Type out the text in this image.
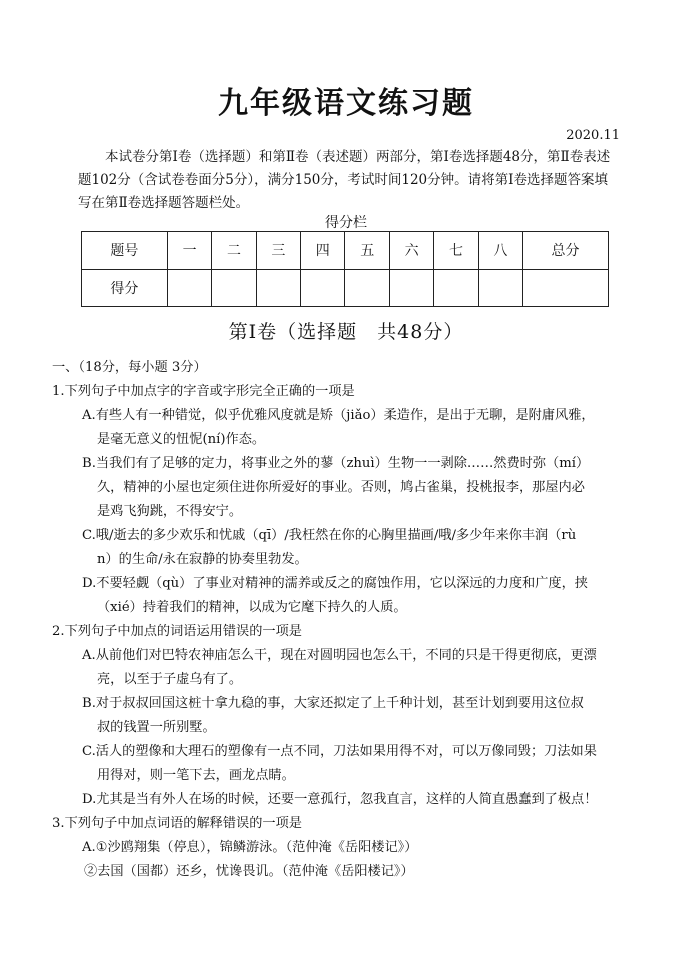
九年级语文练习题
2020.11

本试卷分第Ⅰ卷（选择题）和第Ⅱ卷（表述题）两部分，第Ⅰ卷选择题48分，第Ⅱ卷表述题102分（含试卷卷面分5分），满分150分，考试时间120分钟。请将第Ⅰ卷选择题答案填写在第Ⅱ卷选择题答题栏处。

得分栏
题号	一	二	三	四	五	六	七	八	总分
得分									
第Ⅰ卷（选择题　共48分）

一、（18分，每小题 3分）

1.下列句子中加点字的字音或字形完全正确的一项是

A.有些人有一种错觉，似乎优雅风度就是矫（jiǎo）柔造作，是出于无聊，是附庸风雅，
是毫无意义的忸怩(ní)作态。

B.当我们有了足够的定力，将事业之外的蓼（zhuì）生物一一剥除……然费时弥（mí）
久，精神的小屋也定须住进你所爱好的事业。否则，鸠占雀巢，投桃报李，那屋内必
是鸡飞狗跳，不得安宁。

C.哦/逝去的多少欢乐和忧戚（qī）/我枉然在你的心胸里描画/哦/多少年来你丰润（rù
n）的生命/永在寂静的协奏里勃发。

D.不要轻觑（qù）了事业对精神的濡养或反之的腐蚀作用，它以深远的力度和广度，挟
（xié）持着我们的精神，以成为它麾下持久的人质。

2.下列句子中加点的词语运用错误的一项是

A.从前他们对巴特农神庙怎么干，现在对圆明园也怎么干，不同的只是干得更彻底，更漂
亮，以至于子虚乌有了。

B.对于叔叔回国这桩十拿九稳的事，大家还拟定了上千种计划，甚至计划到要用这位叔
叔的钱置一所别墅。

C.活人的塑像和大理石的塑像有一点不同，刀法如果用得不对，可以万像同毁；刀法如果
用得对，则一笔下去，画龙点睛。

D.尤其是当有外人在场的时候，还要一意孤行，忽我直言，这样的人简直愚蠢到了极点！

3.下列句子中加点词语的解释错误的一项是

A.①沙鸥翔集（停息），锦鳞游泳。（范仲淹《岳阳楼记》）

②去国（国都）还乡，忧谗畏讥。（范仲淹《岳阳楼记》）
